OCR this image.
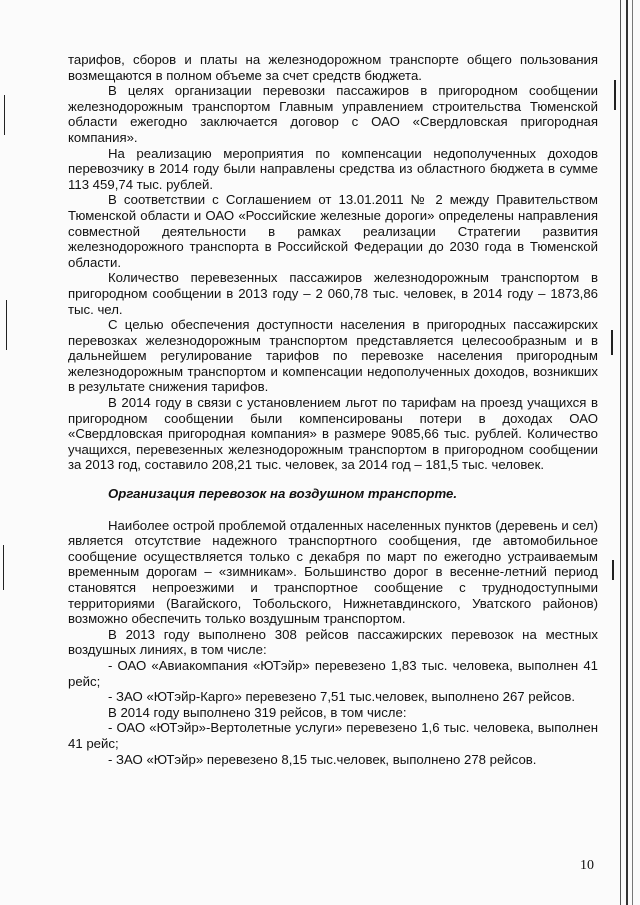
тарифов, сборов и платы на железнодорожном транспорте общего пользования возмещаются в полном объеме за счет средств бюджета.

В целях организации перевозки пассажиров в пригородном сообщении железнодорожным транспортом Главным управлением строительства Тюменской области ежегодно заключается договор с ОАО «Свердловская пригородная компания».

На реализацию мероприятия по компенсации недополученных доходов перевозчику в 2014 году были направлены средства из областного бюджета в сумме 113 459,74 тыс. рублей.

В соответствии с Соглашением от 13.01.2011 № 2 между Правительством Тюменской области и ОАО «Российские железные дороги» определены направления совместной деятельности в рамках реализации Стратегии развития железнодорожного транспорта в Российской Федерации до 2030 года в Тюменской области.

Количество перевезенных пассажиров железнодорожным транспортом в пригородном сообщении в 2013 году – 2 060,78 тыс. человек, в 2014 году – 1873,86 тыс. чел.

С целью обеспечения доступности населения в пригородных пассажирских перевозках железнодорожным транспортом представляется целесообразным и в дальнейшем регулирование тарифов по перевозке населения пригородным железнодорожным транспортом и компенсации недополученных доходов, возникших в результате снижения тарифов.

В 2014 году в связи с установлением льгот по тарифам на проезд учащихся в пригородном сообщении были компенсированы потери в доходах ОАО «Свердловская пригородная компания» в размере 9085,66 тыс. рублей. Количество учащихся, перевезенных железнодорожным транспортом в пригородном сообщении за 2013 год, составило 208,21 тыс. человек, за 2014 год – 181,5 тыс. человек.

Организация перевозок на воздушном транспорте.

Наиболее острой проблемой отдаленных населенных пунктов (деревень и сел) является отсутствие надежного транспортного сообщения, где автомобильное сообщение осуществляется только с декабря по март по ежегодно устраиваемым временным дорогам – «зимникам». Большинство дорог в весенне-летний период становятся непроезжими и транспортное сообщение с труднодоступными территориями (Вагайского, Тобольского, Нижнетавдинского, Уватского районов) возможно обеспечить только воздушным транспортом.

В 2013 году выполнено 308 рейсов пассажирских перевозок на местных воздушных линиях, в том числе:

- ОАО «Авиакомпания «ЮТэйр» перевезено 1,83 тыс. человека, выполнен 41 рейс;

- ЗАО «ЮТэйр-Карго» перевезено 7,51 тыс.человек, выполнено 267 рейсов.

В 2014 году выполнено 319 рейсов, в том числе:

- ОАО «ЮТэйр»-Вертолетные услуги» перевезено 1,6 тыс. человека, выполнен 41 рейс;

- ЗАО «ЮТэйр» перевезено 8,15 тыс.человек, выполнено 278 рейсов.

10
